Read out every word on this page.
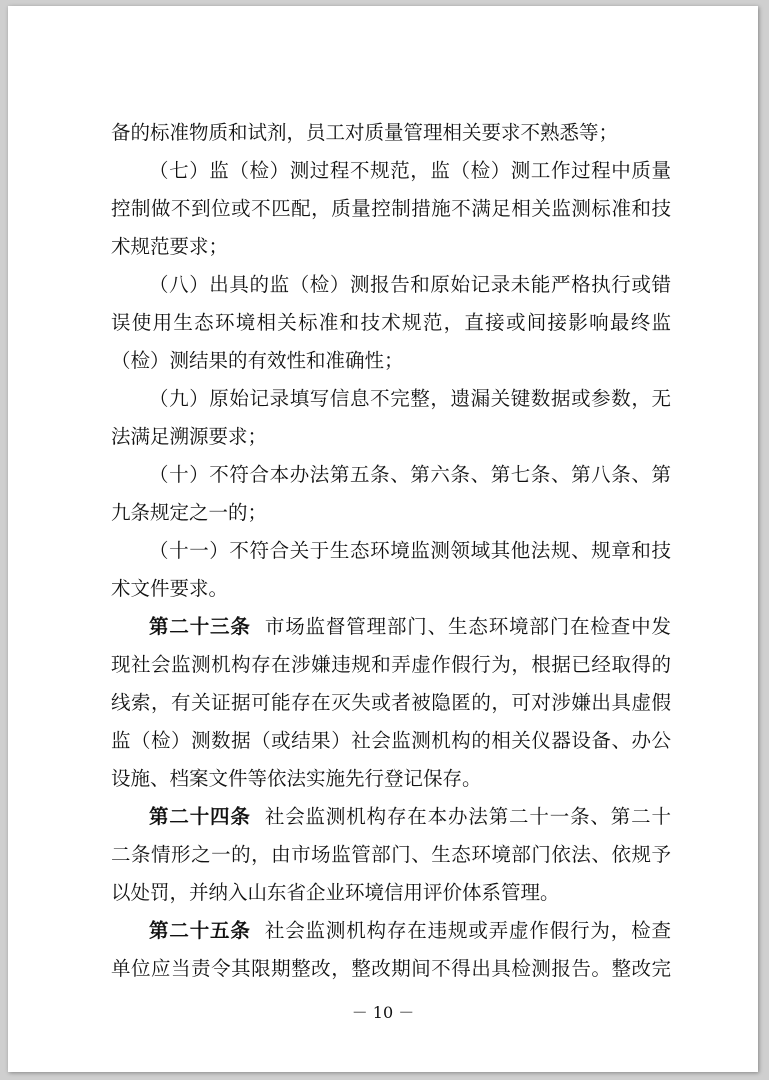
备的标准物质和试剂，员工对质量管理相关要求不熟悉等；
（七）监（检）测过程不规范，监（检）测工作过程中质量
控制做不到位或不匹配，质量控制措施不满足相关监测标准和技
术规范要求；
（八）出具的监（检）测报告和原始记录未能严格执行或错
误使用生态环境相关标准和技术规范，直接或间接影响最终监
（检）测结果的有效性和准确性；
（九）原始记录填写信息不完整，遗漏关键数据或参数，无
法满足溯源要求；
（十）不符合本办法第五条、第六条、第七条、第八条、第
九条规定之一的；
（十一）不符合关于生态环境监测领域其他法规、规章和技
术文件要求。
第二十三条 市场监督管理部门、生态环境部门在检查中发
现社会监测机构存在涉嫌违规和弄虚作假行为，根据已经取得的
线索，有关证据可能存在灭失或者被隐匿的，可对涉嫌出具虚假
监（检）测数据（或结果）社会监测机构的相关仪器设备、办公
设施、档案文件等依法实施先行登记保存。
第二十四条 社会监测机构存在本办法第二十一条、第二十
二条情形之一的，由市场监管部门、生态环境部门依法、依规予
以处罚，并纳入山东省企业环境信用评价体系管理。
第二十五条 社会监测机构存在违规或弄虚作假行为，检查
单位应当责令其限期整改，整改期间不得出具检测报告。整改完
－ 10 －
